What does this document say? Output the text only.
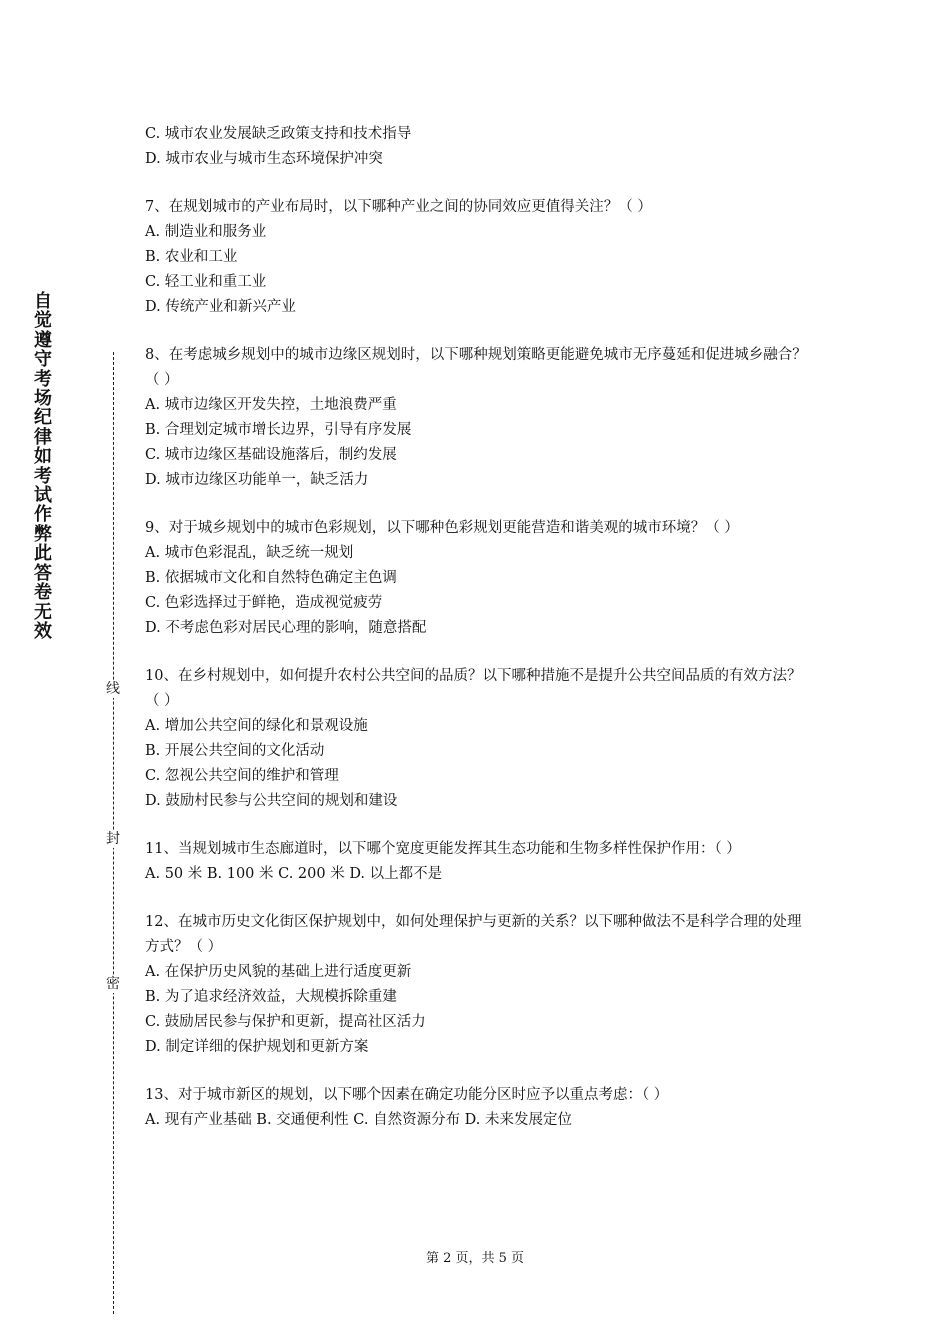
自觉遵守考场纪律如考试作弊此答卷无效
线
封
密
C. 城市农业发展缺乏政策支持和技术指导
D. 城市农业与城市生态环境保护冲突
7、在规划城市的产业布局时，以下哪种产业之间的协同效应更值得关注？（ ）
A. 制造业和服务业
B. 农业和工业
C. 轻工业和重工业
D. 传统产业和新兴产业
8、在考虑城乡规划中的城市边缘区规划时，以下哪种规划策略更能避免城市无序蔓延和促进城乡融合？（ ）
A. 城市边缘区开发失控，土地浪费严重
B. 合理划定城市增长边界，引导有序发展
C. 城市边缘区基础设施落后，制约发展
D. 城市边缘区功能单一，缺乏活力
9、对于城乡规划中的城市色彩规划，以下哪种色彩规划更能营造和谐美观的城市环境？（ ）
A. 城市色彩混乱，缺乏统一规划
B. 依据城市文化和自然特色确定主色调
C. 色彩选择过于鲜艳，造成视觉疲劳
D. 不考虑色彩对居民心理的影响，随意搭配
10、在乡村规划中，如何提升农村公共空间的品质？以下哪种措施不是提升公共空间品质的有效方法？（ ）
A. 增加公共空间的绿化和景观设施
B. 开展公共空间的文化活动
C. 忽视公共空间的维护和管理
D. 鼓励村民参与公共空间的规划和建设
11、当规划城市生态廊道时，以下哪个宽度更能发挥其生态功能和生物多样性保护作用：（ ）
A. 50 米 B. 100 米 C. 200 米 D. 以上都不是
12、在城市历史文化街区保护规划中，如何处理保护与更新的关系？以下哪种做法不是科学合理的处理方式？（ ）
A. 在保护历史风貌的基础上进行适度更新
B. 为了追求经济效益，大规模拆除重建
C. 鼓励居民参与保护和更新，提高社区活力
D. 制定详细的保护规划和更新方案
13、对于城市新区的规划，以下哪个因素在确定功能分区时应予以重点考虑：（ ）
A. 现有产业基础 B. 交通便利性 C. 自然资源分布 D. 未来发展定位
第 2 页，共 5 页
